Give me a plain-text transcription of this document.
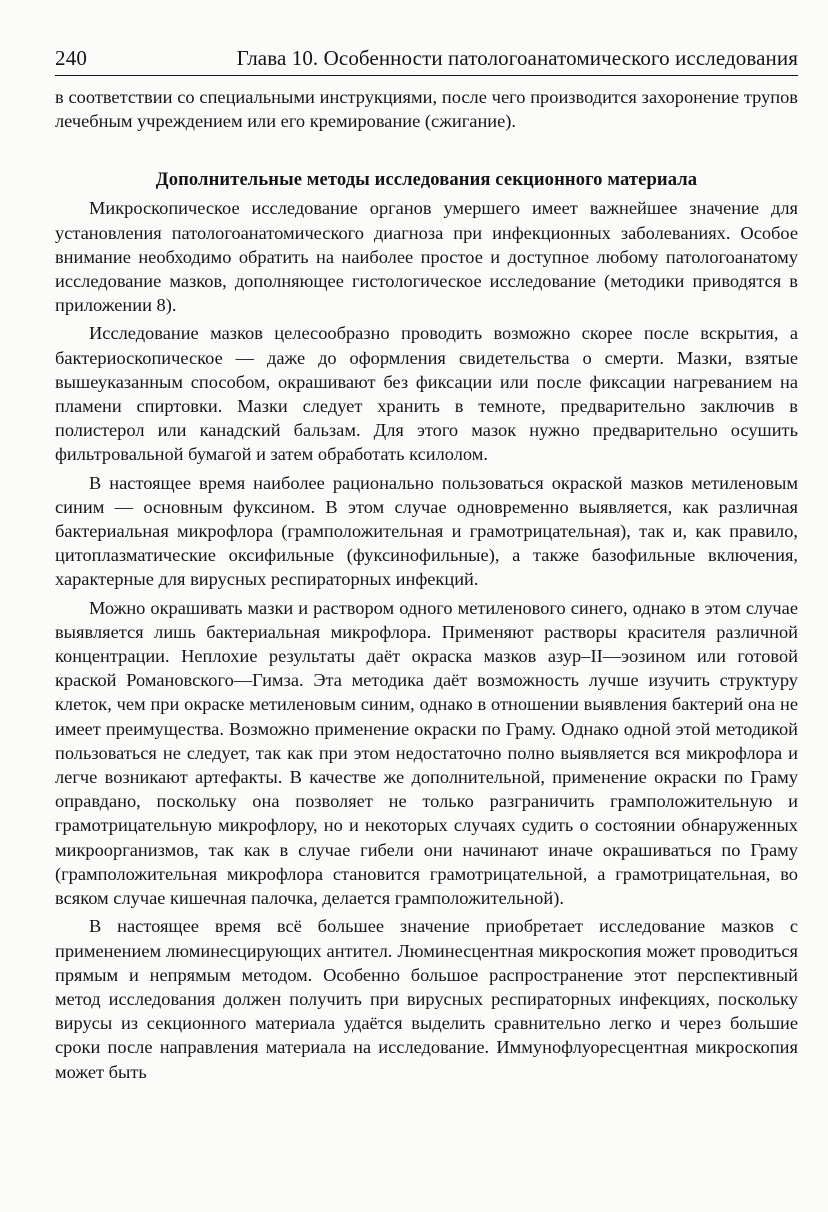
240	Глава 10. Особенности патологоанатомического исследования

в соответствии со специальными инструкциями, после чего производится захоронение трупов лечебным учреждением или его кремирование (сжигание).

Дополнительные методы исследования секционного материала

Микроскопическое исследование органов умершего имеет важнейшее значение для установления патологоанатомического диагноза при инфекционных заболеваниях. Особое внимание необходимо обратить на наиболее простое и доступное любому патологоанатому исследование мазков, дополняющее гистологическое исследование (методики приводятся в приложении 8).

Исследование мазков целесообразно проводить возможно скорее после вскрытия, а бактериоскопическое — даже до оформления свидетельства о смерти. Мазки, взятые вышеуказанным способом, окрашивают без фиксации или после фиксации нагреванием на пламени спиртовки. Мазки следует хранить в темноте, предварительно заключив в полистерол или канадский бальзам. Для этого мазок нужно предварительно осушить фильтровальной бумагой и затем обработать ксилолом.

В настоящее время наиболее рационально пользоваться окраской мазков метиленовым синим — основным фуксином. В этом случае одновременно выявляется, как различная бактериальная микрофлора (грамположительная и грамотрицательная), так и, как правило, цитоплазматические оксифильные (фуксинофильные), а также базофильные включения, характерные для вирусных респираторных инфекций.

Можно окрашивать мазки и раствором одного метиленового синего, однако в этом случае выявляется лишь бактериальная микрофлора. Применяют растворы красителя различной концентрации. Неплохие результаты даёт окраска мазков азур–II—эозином или готовой краской Романовского—Гимза. Эта методика даёт возможность лучше изучить структуру клеток, чем при окраске метиленовым синим, однако в отношении выявления бактерий она не имеет преимущества. Возможно применение окраски по Граму. Однако одной этой методикой пользоваться не следует, так как при этом недостаточно полно выявляется вся микрофлора и легче возникают артефакты. В качестве же дополнительной, применение окраски по Граму оправдано, поскольку она позволяет не только разграничить грамположительную и грамотрицательную микрофлору, но и некоторых случаях судить о состоянии обнаруженных микроорганизмов, так как в случае гибели они начинают иначе окрашиваться по Граму (грамположительная микрофлора становится грамотрицательной, а грамотрицательная, во всяком случае кишечная палочка, делается грамположительной).

В настоящее время всё большее значение приобретает исследование мазков с применением люминесцирующих антител. Люминесцентная микроскопия может проводиться прямым и непрямым методом. Особенно большое распространение этот перспективный метод исследования должен получить при вирусных респираторных инфекциях, поскольку вирусы из секционного материала удаётся выделить сравнительно легко и через большие сроки после направления материала на исследование. Иммунофлуоресцентная микроскопия может быть
